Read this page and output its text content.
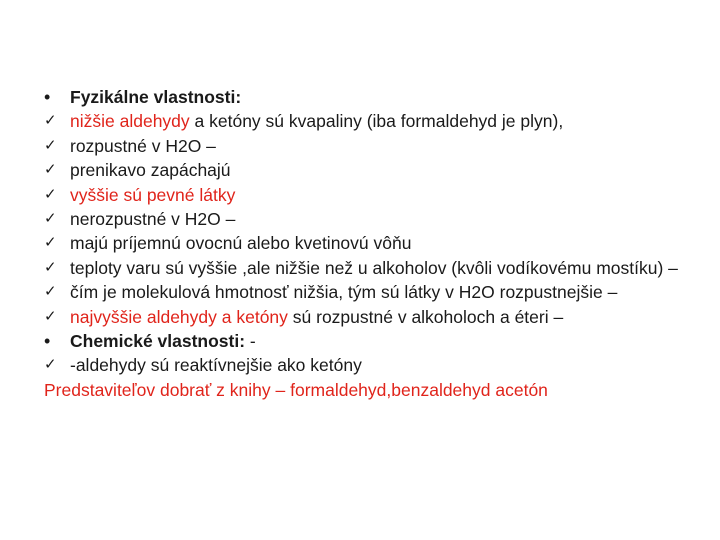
•	Fyzikálne vlastnosti:
✓ nižšie aldehydy a ketóny sú kvapaliny (iba formaldehyd je plyn),
✓ rozpustné v H2O –
✓ prenikavo zapáchajú
✓ vyššie sú pevné látky
✓ nerozpustné v H2O –
✓ majú príjemnú ovocnú alebo kvetinovú vôňu
✓ teploty varu sú vyššie ,ale nižšie než u alkoholov (kvôli vodíkovému mostíku) –
✓ čím je molekulová hmotnosť nižšia, tým sú látky v H2O rozpustnejšie –
✓ najvyššie aldehydy a ketóny sú rozpustné v alkoholoch a éteri –
•	Chemické vlastnosti: -
✓ -aldehydy sú reaktívnejšie ako ketóny
Predstaviteľov dobrať z knihy – formaldehyd,benzaldehyd acetón
